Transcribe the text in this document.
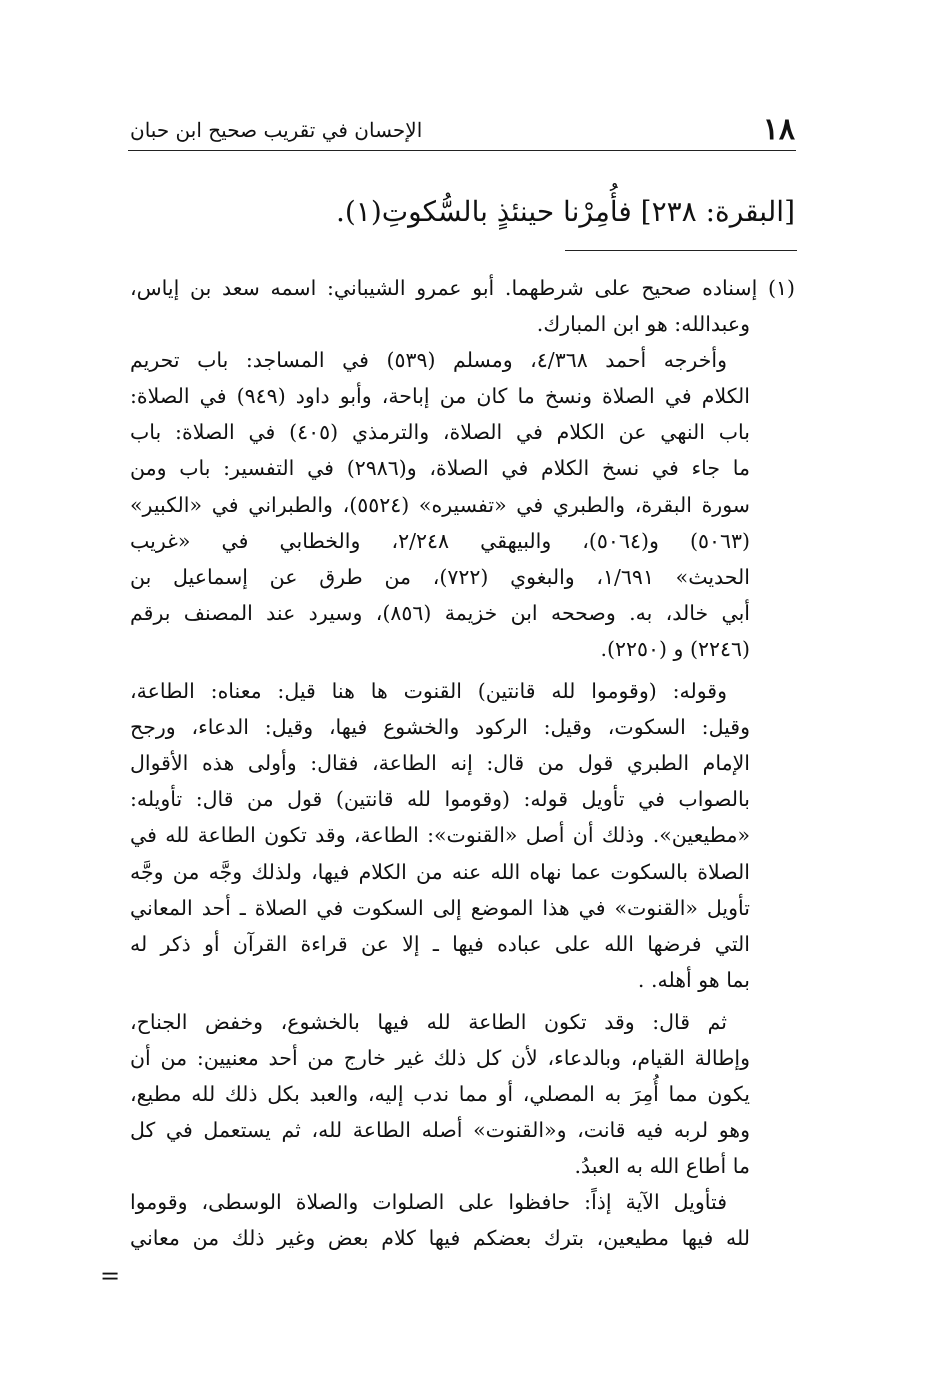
١٨
الإحسان في تقريب صحيح ابن حبان
[البقرة: ٢٣٨] فأُمِرْنا حينئذٍ بالسُّكوتِ(١).
(١) إسناده صحيح على شرطهما. أبو عمرو الشيباني: اسمه سعد بن إياس،
وعبدالله: هو ابن المبارك.
وأخرجه أحمد ٤/٣٦٨، ومسلم (٥٣٩) في المساجد: باب تحريم
الكلام في الصلاة ونسخ ما كان من إباحة، وأبو داود (٩٤٩) في الصلاة:
باب النهي عن الكلام في الصلاة، والترمذي (٤٠٥) في الصلاة: باب
ما جاء في نسخ الكلام في الصلاة، و(٢٩٨٦) في التفسير: باب ومن
سورة البقرة، والطبري في «تفسيره» (٥٥٢٤)، والطبراني في «الكبير»
(٥٠٦٣) و(٥٠٦٤)، والبيهقي ٢/٢٤٨، والخطابي في «غريب
الحديث» ١/٦٩١، والبغوي (٧٢٢)، من طرق عن إسماعيل بن
أبي خالد، به. وصححه ابن خزيمة (٨٥٦)، وسيرد عند المصنف برقم
(٢٢٤٦) و (٢٢٥٠).
وقوله: (وقوموا لله قانتين) القنوت ها هنا قيل: معناه: الطاعة،
وقيل: السكوت، وقيل: الركود والخشوع فيها، وقيل: الدعاء، ورجح
الإمام الطبري قول من قال: إنه الطاعة، فقال: وأولى هذه الأقوال
بالصواب في تأويل قوله: (وقوموا لله قانتين) قول من قال: تأويله:
«مطيعين». وذلك أن أصل «القنوت»: الطاعة، وقد تكون الطاعة لله في
الصلاة بالسكوت عما نهاه الله عنه من الكلام فيها، ولذلك وجَّه من وجَّه
تأويل «القنوت» في هذا الموضع إلى السكوت في الصلاة ـ أحد المعاني
التي فرضها الله على عباده فيها ـ إلا عن قراءة القرآن أو ذكر له
بما هو أهله. .
ثم قال: وقد تكون الطاعة لله فيها بالخشوع، وخفض الجناح،
وإطالة القيام، وبالدعاء، لأن كل ذلك غير خارج من أحد معنيين: من أن
يكون مما أُمِرَ به المصلي، أو مما ندب إليه، والعبد بكل ذلك لله مطيع،
وهو لربه فيه قانت، و«القنوت» أصله الطاعة لله، ثم يستعمل في كل
ما أطاع الله به العبدُ.
فتأويل الآية إذاً: حافظوا على الصلوات والصلاة الوسطى، وقوموا
لله فيها مطيعين، بترك بعضكم فيها كلام بعض وغير ذلك من معاني
=
